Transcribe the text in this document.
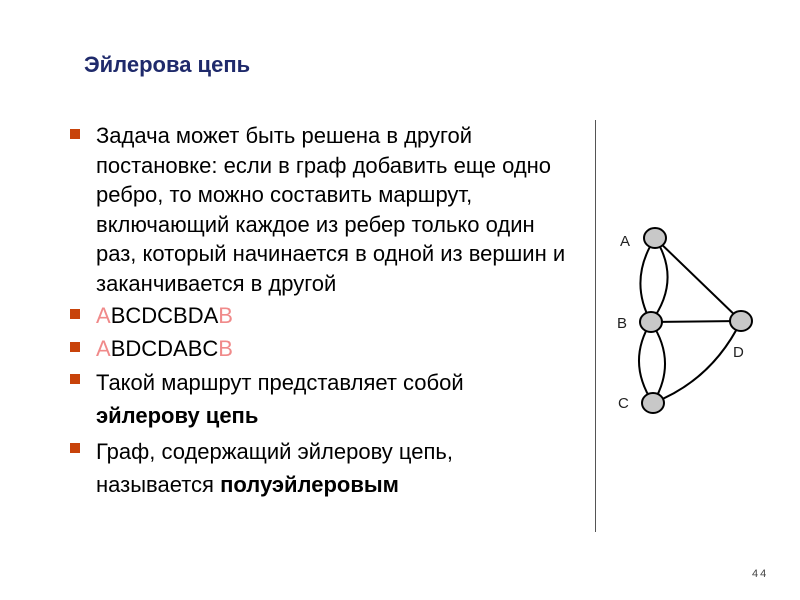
Эйлерова цепь
Задача может быть решена в другой постановке: если в граф добавить еще одно ребро, то можно составить маршрут, включающий каждое из ребер только один раз, который начинается в одной из вершин и заканчивается в другой
ABCDCBDAB
ABDCDABCB
Такой маршрут представляет собой эйлерову цепь
Граф, содержащий эйлерову цепь, называется полуэйлеровым
A
B
C
D
44
